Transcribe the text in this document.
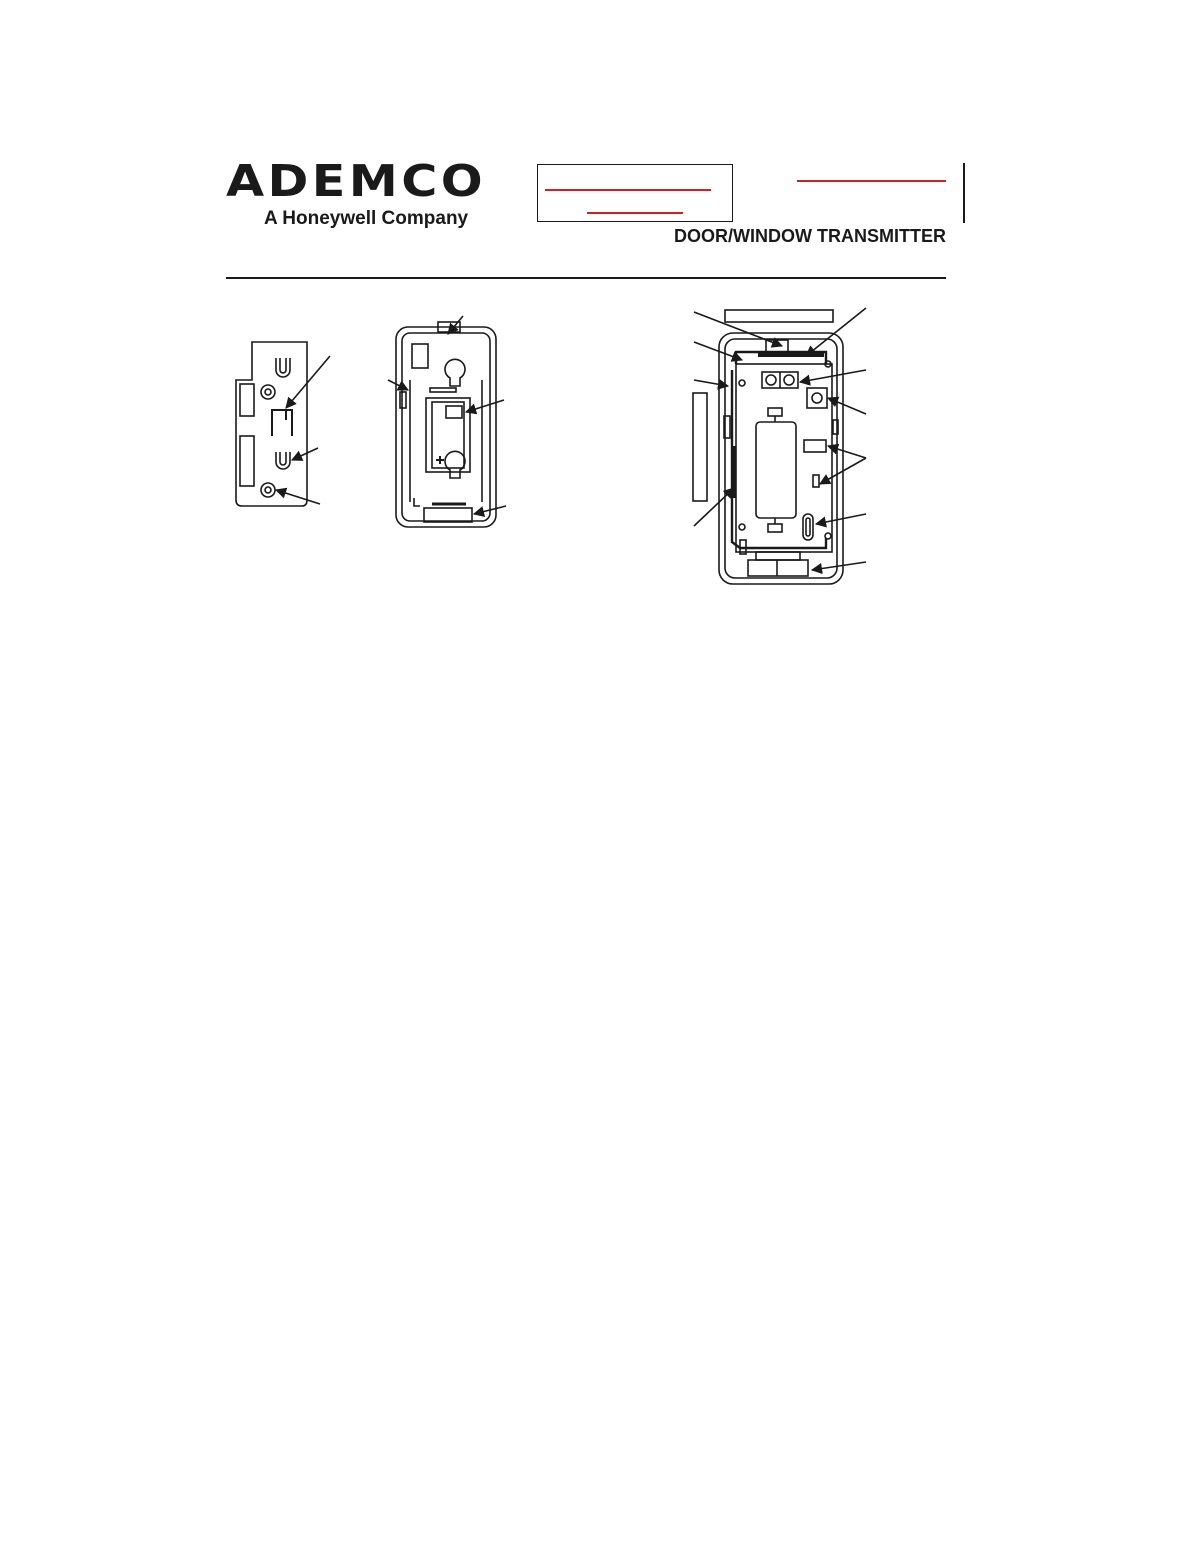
ADEMCO
A Honeywell Company
DOOR/WINDOW TRANSMITTER
